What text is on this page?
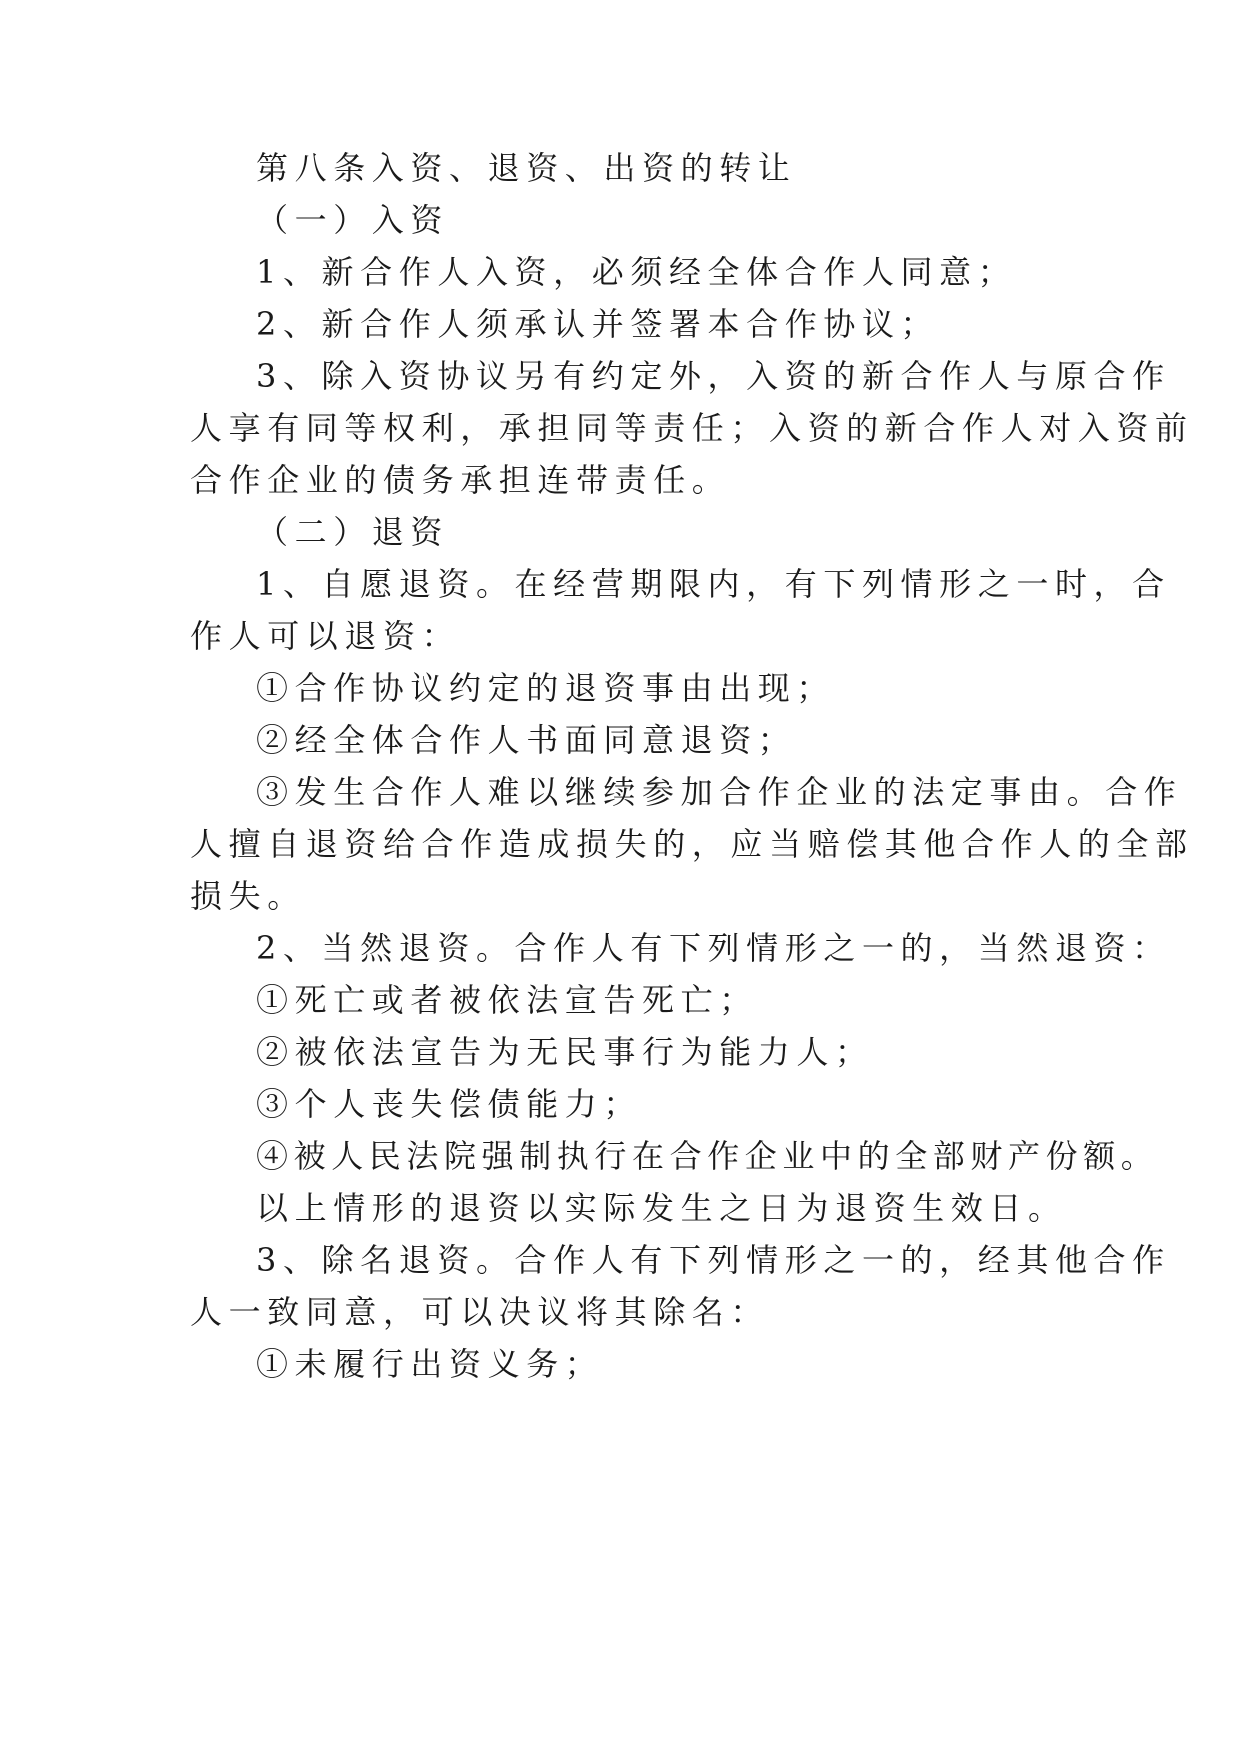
第八条入资、退资、出资的转让
（一）入资
1、新合作人入资，必须经全体合作人同意；
2、新合作人须承认并签署本合作协议；
3、除入资协议另有约定外，入资的新合作人与原合作
人享有同等权利，承担同等责任；入资的新合作人对入资前
合作企业的债务承担连带责任。
（二）退资
1、自愿退资。在经营期限内，有下列情形之一时，合
作人可以退资：
①合作协议约定的退资事由出现；
②经全体合作人书面同意退资；
③发生合作人难以继续参加合作企业的法定事由。合作
人擅自退资给合作造成损失的，应当赔偿其他合作人的全部
损失。
2、当然退资。合作人有下列情形之一的，当然退资：
①死亡或者被依法宣告死亡；
②被依法宣告为无民事行为能力人；
③个人丧失偿债能力；
④被人民法院强制执行在合作企业中的全部财产份额。
以上情形的退资以实际发生之日为退资生效日。
3、除名退资。合作人有下列情形之一的，经其他合作
人一致同意，可以决议将其除名：
①未履行出资义务；
